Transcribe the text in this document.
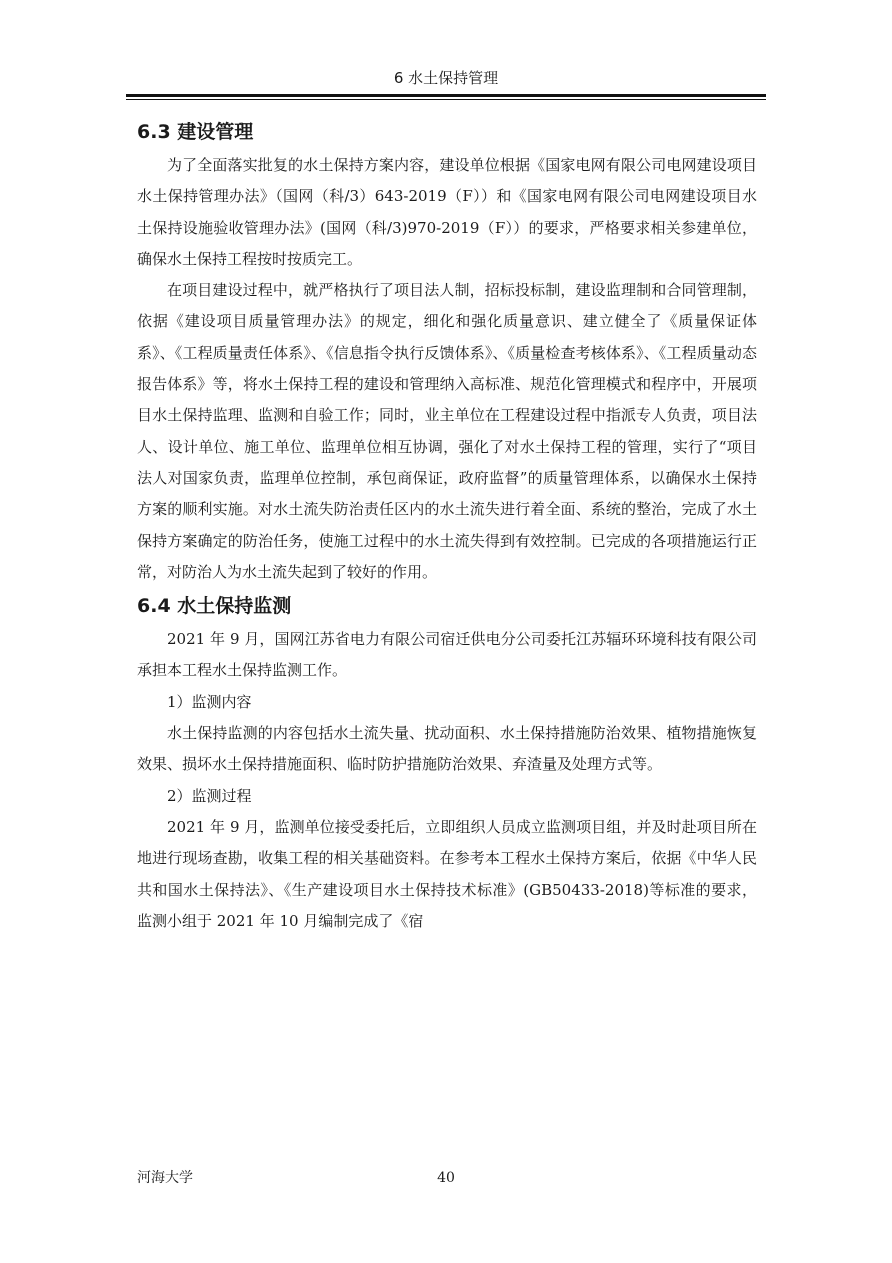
6 水土保持管理
6.3 建设管理

为了全面落实批复的水土保持方案内容，建设单位根据《国家电网有限公司电网建设项目水土保持管理办法》（国网（科/3）643-2019（F））和《国家电网有限公司电网建设项目水土保持设施验收管理办法》(国网（科/3)970-2019（F））的要求，严格要求相关参建单位，确保水土保持工程按时按质完工。

在项目建设过程中，就严格执行了项目法人制，招标投标制，建设监理制和合同管理制，依据《建设项目质量管理办法》的规定，细化和强化质量意识、建立健全了《质量保证体系》、《工程质量责任体系》、《信息指令执行反馈体系》、《质量检查考核体系》、《工程质量动态报告体系》等，将水土保持工程的建设和管理纳入高标准、规范化管理模式和程序中，开展项目水土保持监理、监测和自验工作；同时，业主单位在工程建设过程中指派专人负责，项目法人、设计单位、施工单位、监理单位相互协调，强化了对水土保持工程的管理，实行了“项目法人对国家负责，监理单位控制，承包商保证，政府监督”的质量管理体系，以确保水土保持方案的顺利实施。对水土流失防治责任区内的水土流失进行着全面、系统的整治，完成了水土保持方案确定的防治任务，使施工过程中的水土流失得到有效控制。已完成的各项措施运行正常，对防治人为水土流失起到了较好的作用。

6.4 水土保持监测

2021 年 9 月，国网江苏省电力有限公司宿迁供电分公司委托江苏辐环环境科技有限公司承担本工程水土保持监测工作。

1）监测内容

水土保持监测的内容包括水土流失量、扰动面积、水土保持措施防治效果、植物措施恢复效果、损坏水土保持措施面积、临时防护措施防治效果、弃渣量及处理方式等。

2）监测过程

2021 年 9 月，监测单位接受委托后，立即组织人员成立监测项目组，并及时赴项目所在地进行现场查勘，收集工程的相关基础资料。在参考本工程水土保持方案后，依据《中华人民共和国水土保持法》、《生产建设项目水土保持技术标准》(GB50433-2018)等标准的要求，监测小组于 2021 年 10 月编制完成了《宿

河海大学	40
